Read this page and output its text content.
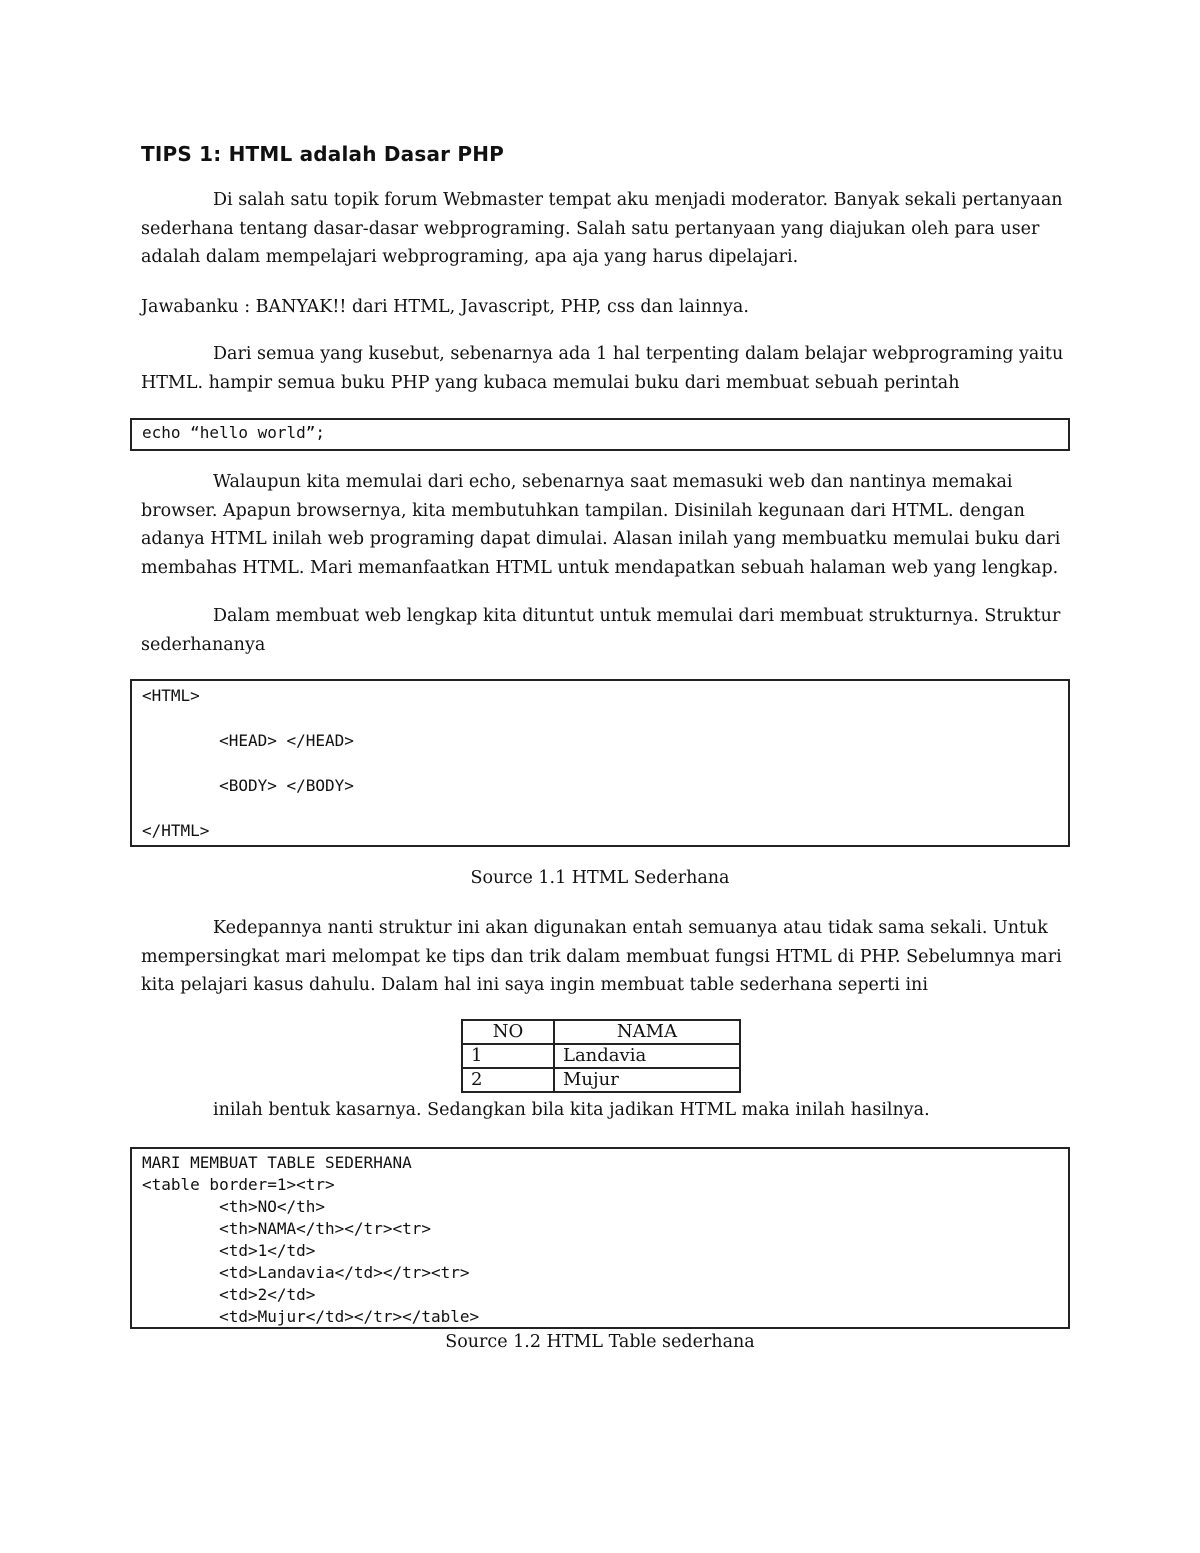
TIPS 1: HTML adalah Dasar PHP

Di salah satu topik forum Webmaster tempat aku menjadi moderator. Banyak sekali pertanyaan sederhana tentang dasar-dasar webprograming. Salah satu pertanyaan yang diajukan oleh para user adalah dalam mempelajari webprograming, apa aja yang harus dipelajari.

Jawabanku : BANYAK!! dari HTML, Javascript, PHP, css dan lainnya.

Dari semua yang kusebut, sebenarnya ada 1 hal terpenting dalam belajar webprograming yaitu HTML. hampir semua buku PHP yang kubaca memulai buku dari membuat sebuah perintah

echo “hello world”;

Walaupun kita memulai dari echo, sebenarnya saat memasuki web dan nantinya memakai browser. Apapun browsernya, kita membutuhkan tampilan. Disinilah kegunaan dari HTML. dengan adanya HTML inilah web programing dapat dimulai. Alasan inilah yang membuatku memulai buku dari membahas HTML. Mari memanfaatkan HTML untuk mendapatkan sebuah halaman web yang lengkap.

Dalam membuat web lengkap kita dituntut untuk memulai dari membuat strukturnya. Struktur sederhananya

<HTML>
<HEAD> </HEAD>
<BODY> </BODY>
</HTML>

Source 1.1 HTML Sederhana

Kedepannya nanti struktur ini akan digunakan entah semuanya atau tidak sama sekali. Untuk mempersingkat mari melompat ke tips dan trik dalam membuat fungsi HTML di PHP. Sebelumnya mari kita pelajari kasus dahulu. Dalam hal ini saya ingin membuat table sederhana seperti ini

NO	NAMA
1	Landavia
2	Mujur

inilah bentuk kasarnya. Sedangkan bila kita jadikan HTML maka inilah hasilnya.

MARI MEMBUAT TABLE SEDERHANA
<table border=1><tr>
<th>NO</th>
<th>NAMA</th></tr><tr>
<td>1</td>
<td>Landavia</td></tr><tr>
<td>2</td>
<td>Mujur</td></tr></table>

Source 1.2 HTML Table sederhana
